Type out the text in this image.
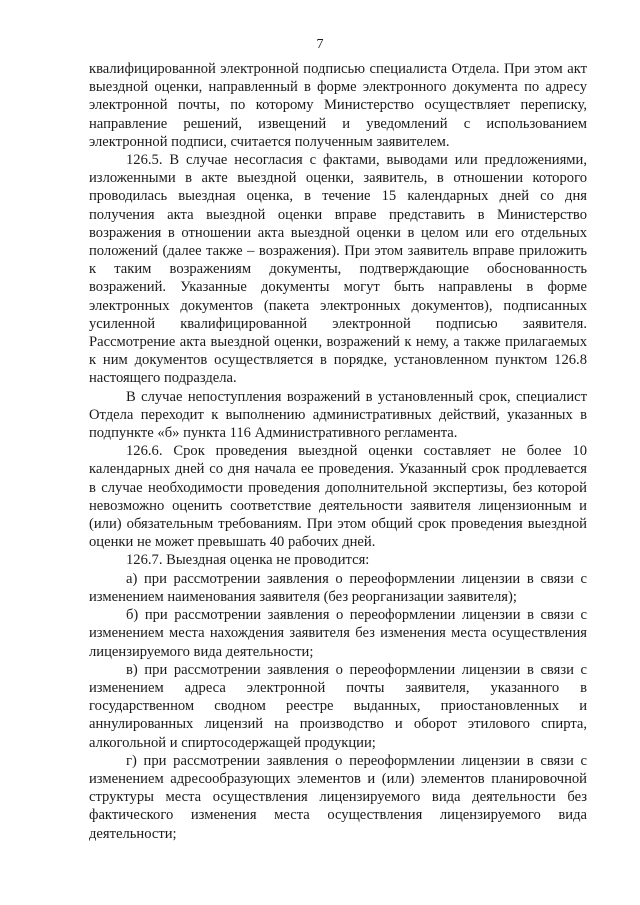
7

квалифицированной электронной подписью специалиста Отдела. При этом акт выездной оценки, направленный в форме электронного документа по адресу электронной почты, по которому Министерство осуществляет переписку, направление решений, извещений и уведомлений с использованием электронной подписи, считается полученным заявителем.

126.5. В случае несогласия с фактами, выводами или предложениями, изложенными в акте выездной оценки, заявитель, в отношении которого проводилась выездная оценка, в течение 15 календарных дней со дня получения акта выездной оценки вправе представить в Министерство возражения в отношении акта выездной оценки в целом или его отдельных положений (далее также – возражения). При этом заявитель вправе приложить к таким возражениям документы, подтверждающие обоснованность возражений. Указанные документы могут быть направлены в форме электронных документов (пакета электронных документов), подписанных усиленной квалифицированной электронной подписью заявителя. Рассмотрение акта выездной оценки, возражений к нему, а также прилагаемых к ним документов осуществляется в порядке, установленном пунктом 126.8 настоящего подраздела.

В случае непоступления возражений в установленный срок, специалист Отдела переходит к выполнению административных действий, указанных в подпункте «б» пункта 116 Административного регламента.

126.6. Срок проведения выездной оценки составляет не более 10 календарных дней со дня начала ее проведения. Указанный срок продлевается в случае необходимости проведения дополнительной экспертизы, без которой невозможно оценить соответствие деятельности заявителя лицензионным и (или) обязательным требованиям. При этом общий срок проведения выездной оценки не может превышать 40 рабочих дней.

126.7. Выездная оценка не проводится:

а) при рассмотрении заявления о переоформлении лицензии в связи с изменением наименования заявителя (без реорганизации заявителя);

б) при рассмотрении заявления о переоформлении лицензии в связи с изменением места нахождения заявителя без изменения места осуществления лицензируемого вида деятельности;

в) при рассмотрении заявления о переоформлении лицензии в связи с изменением адреса электронной почты заявителя, указанного в государственном сводном реестре выданных, приостановленных и аннулированных лицензий на производство и оборот этилового спирта, алкогольной и спиртосодержащей продукции;

г) при рассмотрении заявления о переоформлении лицензии в связи с изменением адресообразующих элементов и (или) элементов планировочной структуры места осуществления лицензируемого вида деятельности без фактического изменения места осуществления лицензируемого вида деятельности;
